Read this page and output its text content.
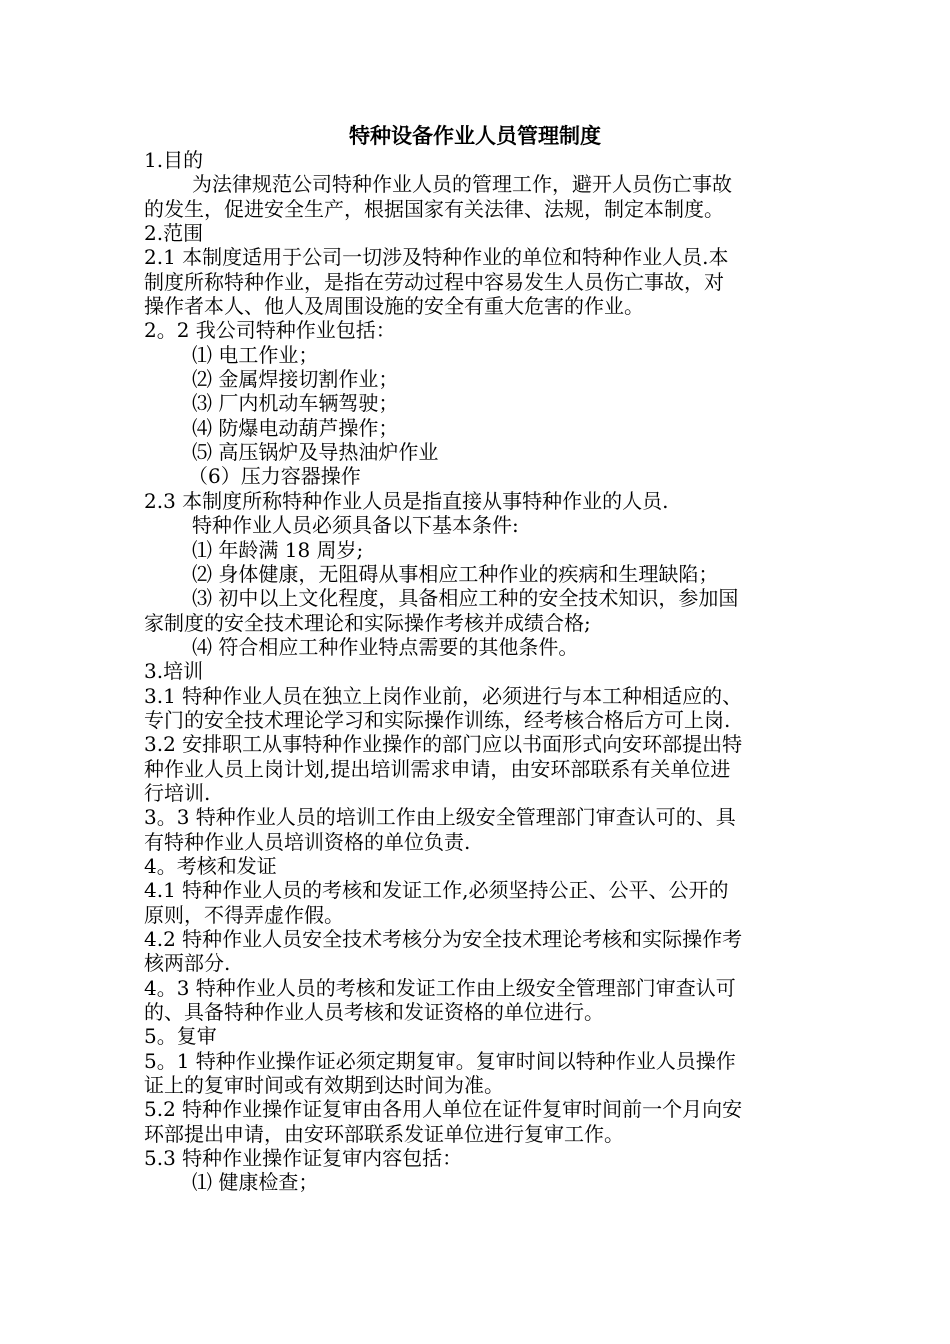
特种设备作业人员管理制度

1.目的

为法律规范公司特种作业人员的管理工作，避开人员伤亡事故

的发生，促进安全生产，根据国家有关法律、法规，制定本制度。

2.范围

2.1 本制度适用于公司一切涉及特种作业的单位和特种作业人员.本

制度所称特种作业，是指在劳动过程中容易发生人员伤亡事故，对

操作者本人、他人及周围设施的安全有重大危害的作业。

2。2 我公司特种作业包括：

⑴ 电工作业；

⑵ 金属焊接切割作业；

⑶ 厂内机动车辆驾驶；

⑷ 防爆电动葫芦操作；

⑸ 高压锅炉及导热油炉作业

（6）压力容器操作

2.3 本制度所称特种作业人员是指直接从事特种作业的人员.

特种作业人员必须具备以下基本条件:

⑴ 年龄满 18 周岁;

⑵ 身体健康，无阻碍从事相应工种作业的疾病和生理缺陷；

⑶ 初中以上文化程度，具备相应工种的安全技术知识，参加国

家制度的安全技术理论和实际操作考核并成绩合格;

⑷ 符合相应工种作业特点需要的其他条件。

3.培训

3.1 特种作业人员在独立上岗作业前，必须进行与本工种相适应的、

专门的安全技术理论学习和实际操作训练，经考核合格后方可上岗.

3.2 安排职工从事特种作业操作的部门应以书面形式向安环部提出特

种作业人员上岗计划,提出培训需求申请，由安环部联系有关单位进

行培训.

3。3 特种作业人员的培训工作由上级安全管理部门审查认可的、具

有特种作业人员培训资格的单位负责.

4。考核和发证

4.1 特种作业人员的考核和发证工作,必须坚持公正、公平、公开的

原则，不得弄虚作假。

4.2 特种作业人员安全技术考核分为安全技术理论考核和实际操作考

核两部分.

4。3 特种作业人员的考核和发证工作由上级安全管理部门审查认可

的、具备特种作业人员考核和发证资格的单位进行。

5。复审

5。1 特种作业操作证必须定期复审。复审时间以特种作业人员操作

证上的复审时间或有效期到达时间为准。

5.2 特种作业操作证复审由各用人单位在证件复审时间前一个月向安

环部提出申请，由安环部联系发证单位进行复审工作。

5.3 特种作业操作证复审内容包括：

⑴ 健康检查；
